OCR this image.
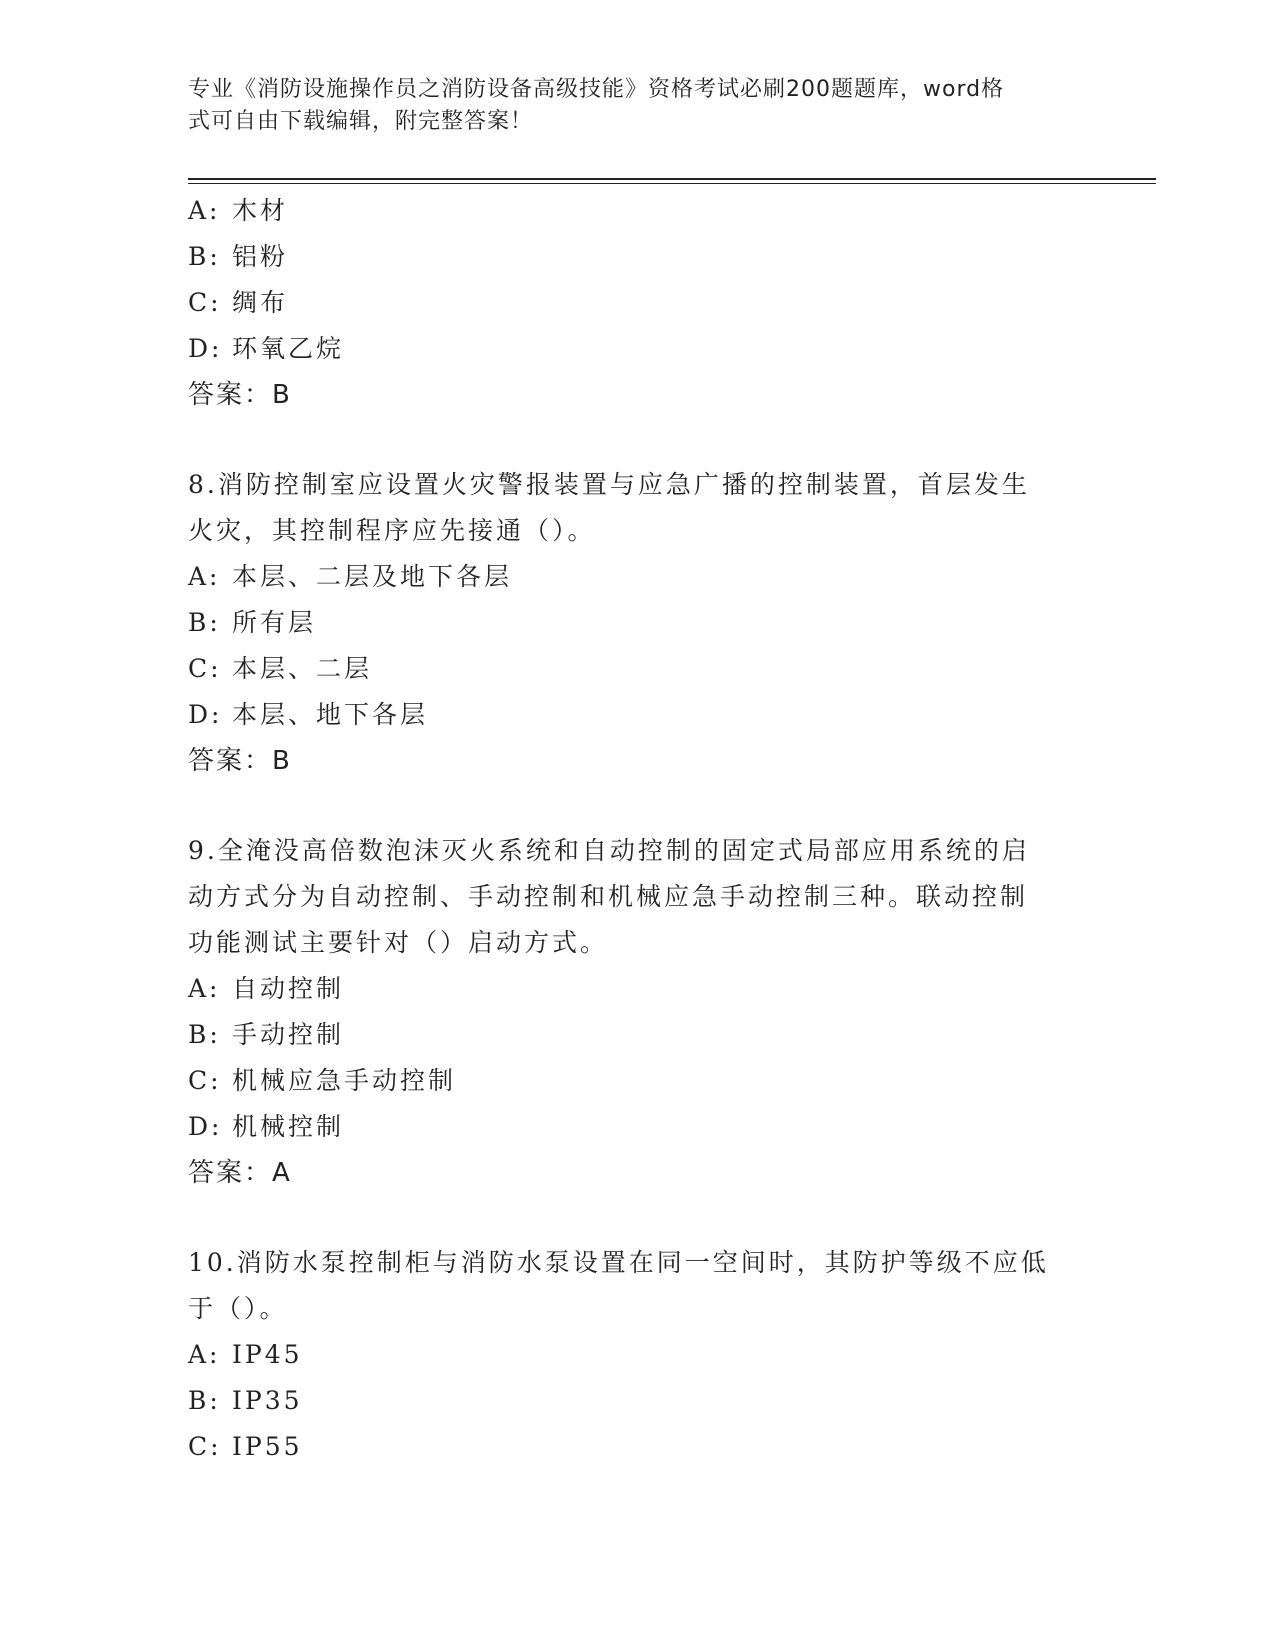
专业《消防设施操作员之消防设备高级技能》资格考试必刷200题题库，word格
式可自由下载编辑，附完整答案！
A: 木材
B: 铝粉
C: 绸布
D: 环氧乙烷
答案：B
8.消防控制室应设置火灾警报装置与应急广播的控制装置，首层发生
火灾，其控制程序应先接通（）。
A: 本层、二层及地下各层
B: 所有层
C: 本层、二层
D: 本层、地下各层
答案：B
9.全淹没高倍数泡沫灭火系统和自动控制的固定式局部应用系统的启
动方式分为自动控制、手动控制和机械应急手动控制三种。联动控制
功能测试主要针对（）启动方式。
A: 自动控制
B: 手动控制
C: 机械应急手动控制
D: 机械控制
答案：A
10.消防水泵控制柜与消防水泵设置在同一空间时，其防护等级不应低
于（）。
A: IP45
B: IP35
C: IP55
